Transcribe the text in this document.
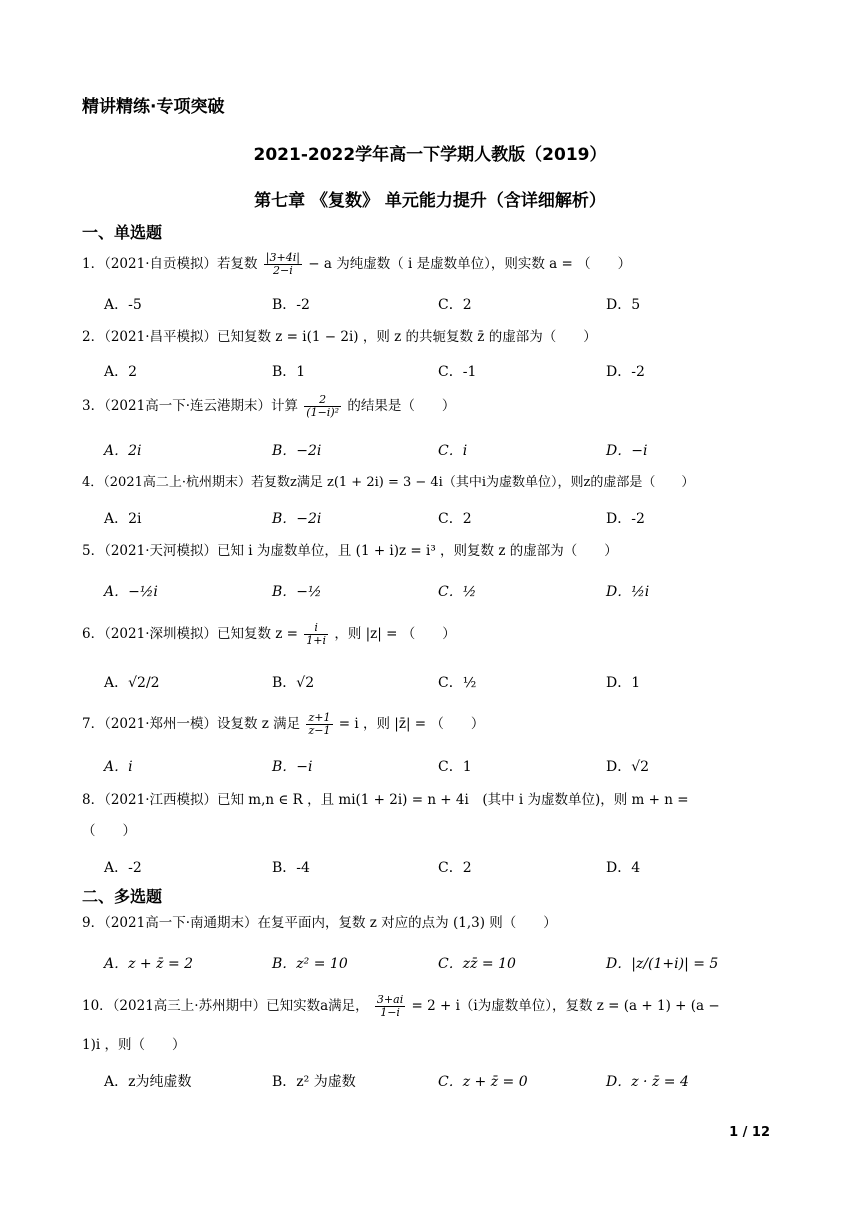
精讲精练·专项突破
2021-2022学年高一下学期人教版（2019）
第七章 《复数》 单元能力提升（含详细解析）
一、单选题
1．（2021·自贡模拟）若复数 $\frac{|3+4i|}{2-i} - a$ 为纯虚数（ i 是虚数单位），则实数 a = （　　）
A．-5	B．-2	C．2	D．5
2．（2021·昌平模拟）已知复数 z = i(1 − 2i) ，则 z 的共轭复数 z̄ 的虚部为（　　）
A．2	B．1	C．-1	D．-2
3．（2021高一下·连云港期末）计算 $\frac{2}{\text{(1−i)²}}$ 的结果是（　　）
A．2i	B．−2i	C．i	D．−i
4．（2021高二上·杭州期末）若复数z满足 z(1 + 2i) = 3 − 4i（其中i为虚数单位），则z的虚部是（　　）
A．2i	B．−2i	C．2	D．-2
5．（2021·天河模拟）已知 i 为虚数单位，且 (1 + i)z = i³ ，则复数 z 的虚部为（　　）
A．−½i	B．−½	C．½	D．½i
6．（2021·深圳模拟）已知复数 $z = \frac{i}{1+i}$ ，则 |z| = （　　）
A．√2/2	B．√2	C．½	D．1
7．（2021·郑州一模）设复数 z 满足 $\frac{z+1}{z-1} = i$ ，则 |z̄| = （　　）
A．i	B．−i	C．1	D．√2
8．（2021·江西模拟）已知 m,n ∈ R ，且 mi(1 + 2i) = n + 4i　(其中 i 为虚数单位)，则 m + n =
（　　）
A．-2	B．-4	C．2	D．4
二、多选题
9．（2021高一下·南通期末）在复平面内，复数 z 对应的点为 (1,3) 则（　　）
A．z + z̄ = 2	B．z² = 10	C．zz̄ = 10	D．|z/(1+i)| = 5
10．（2021高三上·苏州期中）已知实数a满足， $\frac{3+ai}{1-i} = 2 + i(i$为虚数单位），复数 z = (a + 1) + (a −
1)i ，则（　　）
A．z为纯虚数	B．z² 为虚数	C．z + z̄ = 0	D．z · z̄ = 4
1 / 12
